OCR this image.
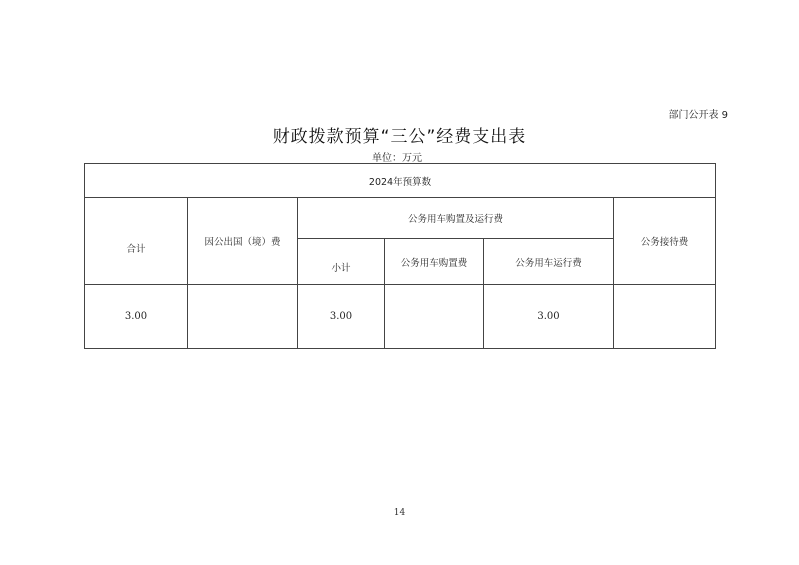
部门公开表 9
财政拨款预算“三公”经费支出表
单位：万元
2024年预算数					
合计	因公出国（境）费	公务用车购置及运行费			公务接待费
		小计	公务用车购置费	公务用车运行费	
3.00		3.00		3.00	
14
